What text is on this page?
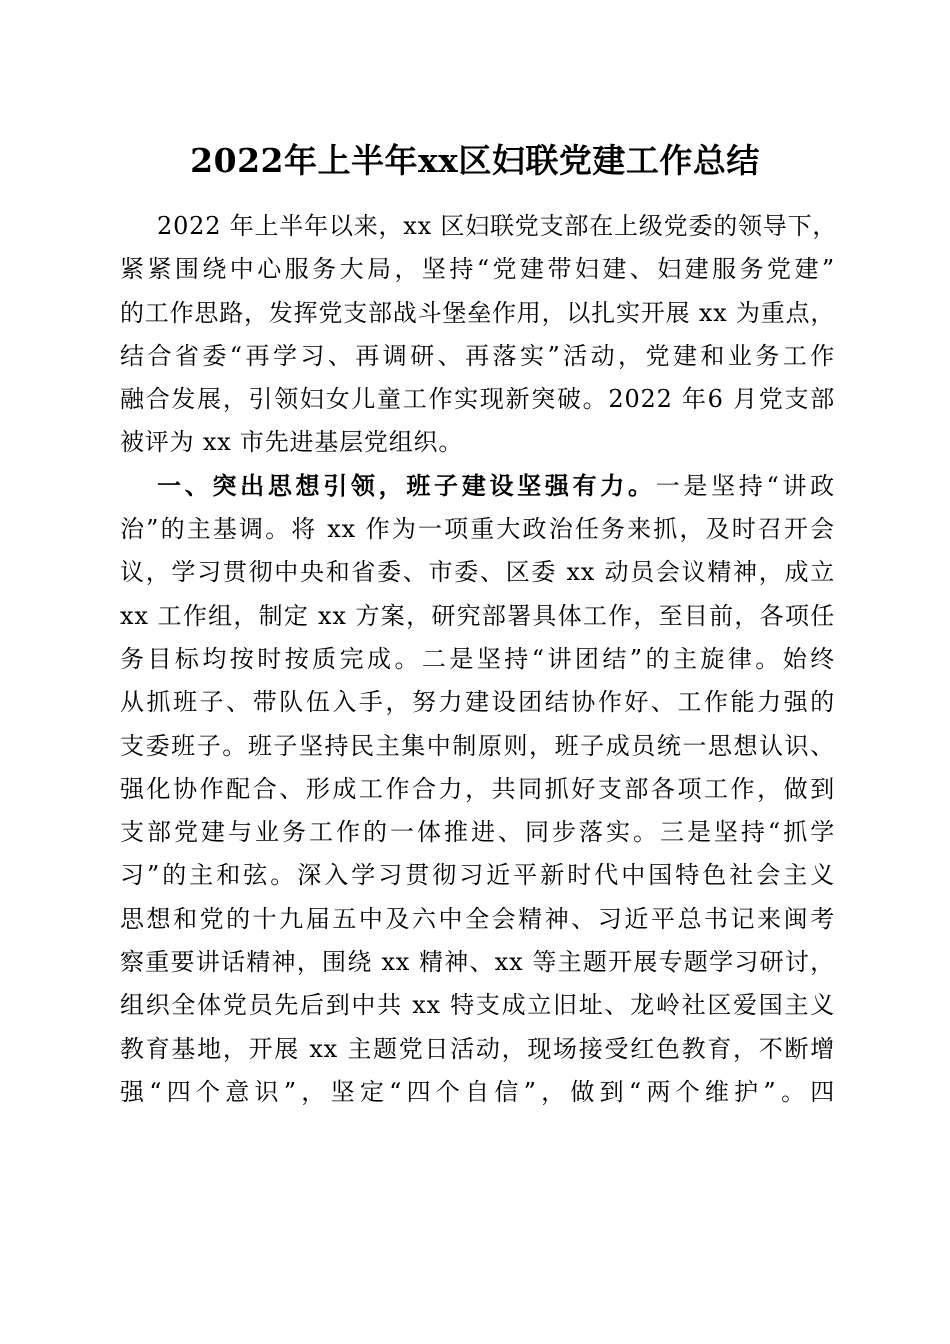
2022年上半年xx区妇联党建工作总结
2022 年上半年以来，xx 区妇联党支部在上级党委的领导下，
紧紧围绕中心服务大局，坚持“党建带妇建、妇建服务党建”
的工作思路，发挥党支部战斗堡垒作用，以扎实开展 xx 为重点，
结合省委“再学习、再调研、再落实”活动，党建和业务工作
融合发展，引领妇女儿童工作实现新突破。2022 年6 月党支部
被评为 xx 市先进基层党组织。
一、突出思想引领，班子建设坚强有力。一是坚持“讲政
治”的主基调。将 xx 作为一项重大政治任务来抓，及时召开会
议，学习贯彻中央和省委、市委、区委 xx 动员会议精神，成立
xx 工作组，制定 xx 方案，研究部署具体工作，至目前，各项任
务目标均按时按质完成。二是坚持“讲团结”的主旋律。始终
从抓班子、带队伍入手，努力建设团结协作好、工作能力强的
支委班子。班子坚持民主集中制原则，班子成员统一思想认识、
强化协作配合、形成工作合力，共同抓好支部各项工作，做到
支部党建与业务工作的一体推进、同步落实。三是坚持“抓学
习”的主和弦。深入学习贯彻习近平新时代中国特色社会主义
思想和党的十九届五中及六中全会精神、习近平总书记来闽考
察重要讲话精神，围绕 xx 精神、xx 等主题开展专题学习研讨，
组织全体党员先后到中共 xx 特支成立旧址、龙岭社区爱国主义
教育基地，开展 xx 主题党日活动，现场接受红色教育，不断增
强“四个意识”，坚定“四个自信”，做到“两个维护”。四
